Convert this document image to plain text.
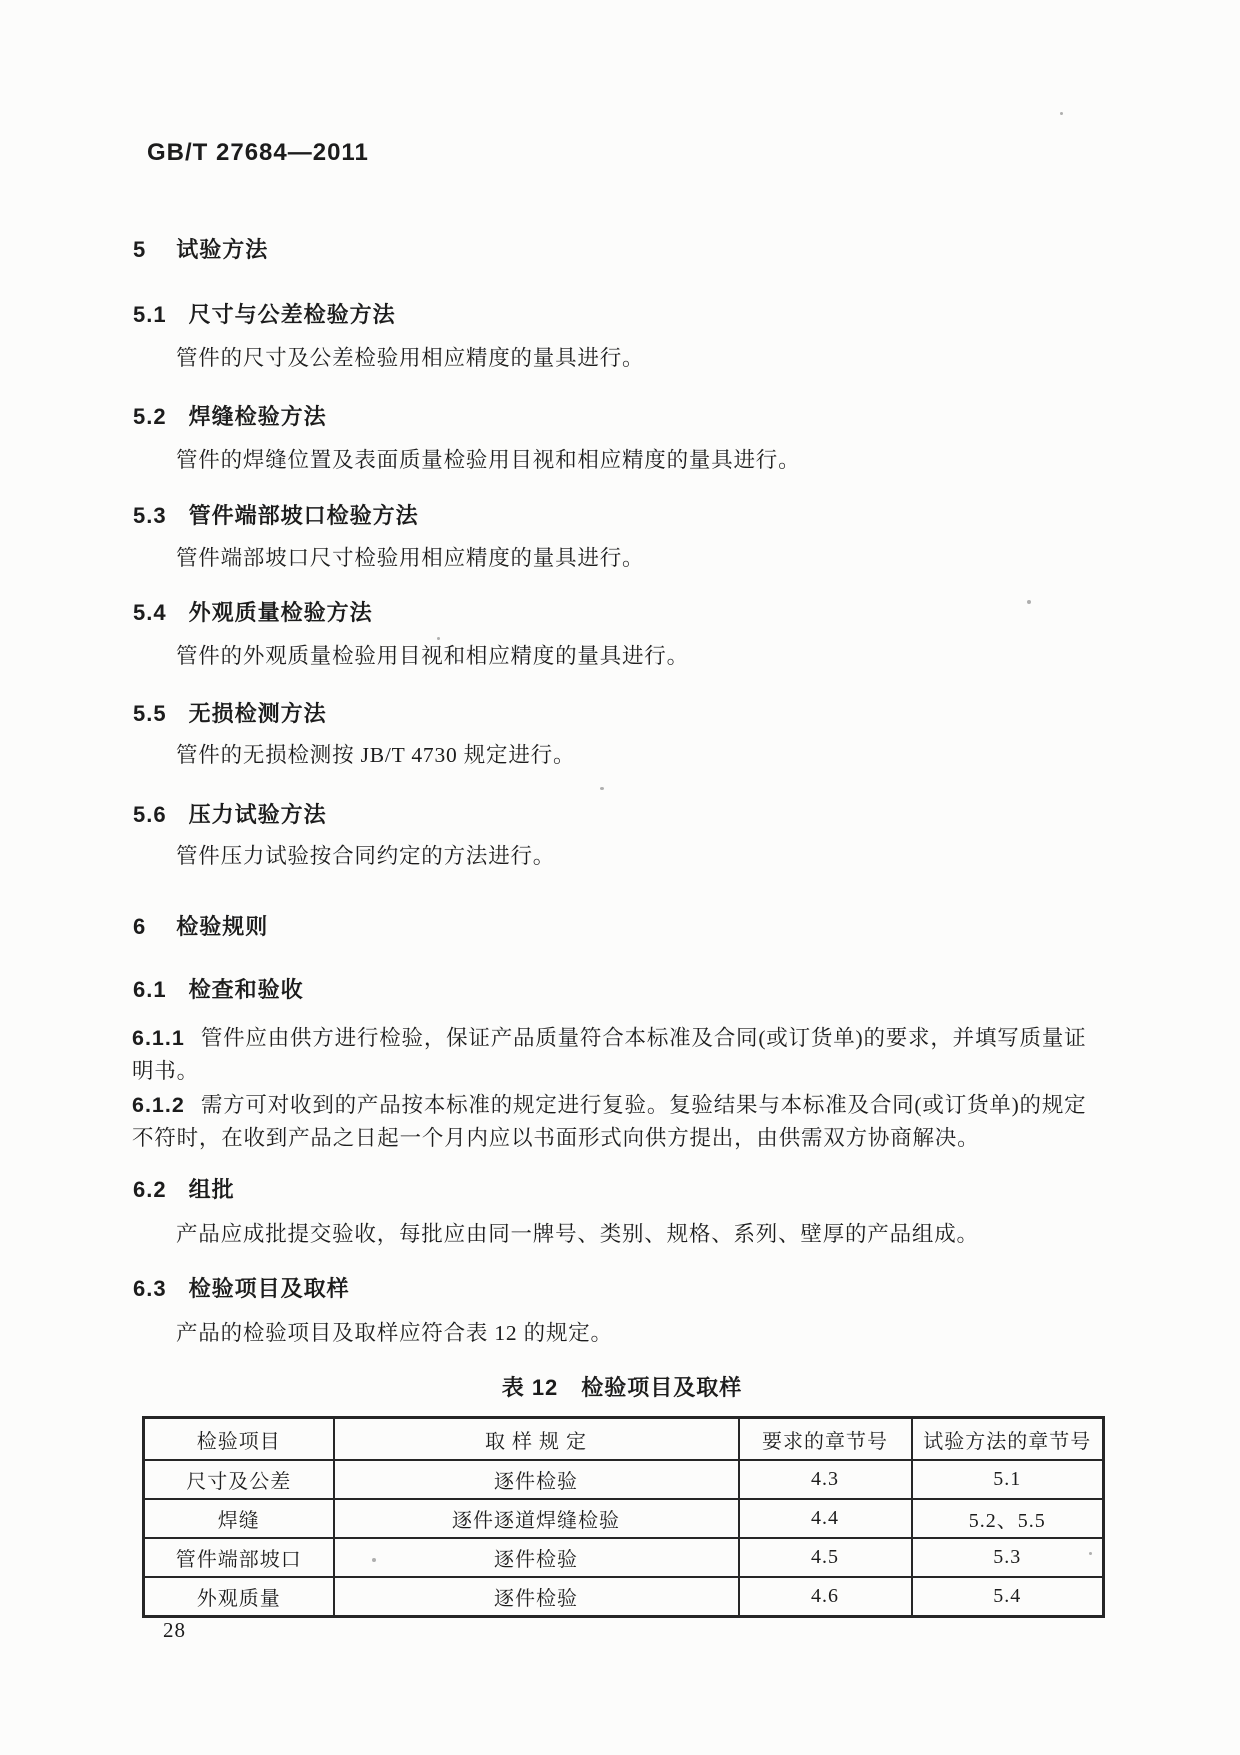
GB/T 27684—2011
5 试验方法
5.1 尺寸与公差检验方法
管件的尺寸及公差检验用相应精度的量具进行。
5.2 焊缝检验方法
管件的焊缝位置及表面质量检验用目视和相应精度的量具进行。
5.3 管件端部坡口检验方法
管件端部坡口尺寸检验用相应精度的量具进行。
5.4 外观质量检验方法
管件的外观质量检验用目视和相应精度的量具进行。
5.5 无损检测方法
管件的无损检测按 JB/T 4730 规定进行。
5.6 压力试验方法
管件压力试验按合同约定的方法进行。
6 检验规则
6.1 检查和验收
6.1.1 管件应由供方进行检验，保证产品质量符合本标准及合同(或订货单)的要求，并填写质量证
明书。
6.1.2 需方可对收到的产品按本标准的规定进行复验。复验结果与本标准及合同(或订货单)的规定
不符时，在收到产品之日起一个月内应以书面形式向供方提出，由供需双方协商解决。
6.2 组批
产品应成批提交验收，每批应由同一牌号、类别、规格、系列、壁厚的产品组成。
6.3 检验项目及取样
产品的检验项目及取样应符合表 12 的规定。
表 12　检验项目及取样
检验项目	取 样 规 定	要求的章节号	试验方法的章节号
尺寸及公差	逐件检验	4.3	5.1
焊缝	逐件逐道焊缝检验	4.4	5.2、5.5
管件端部坡口	逐件检验	4.5	5.3
外观质量	逐件检验	4.6	5.4
28
